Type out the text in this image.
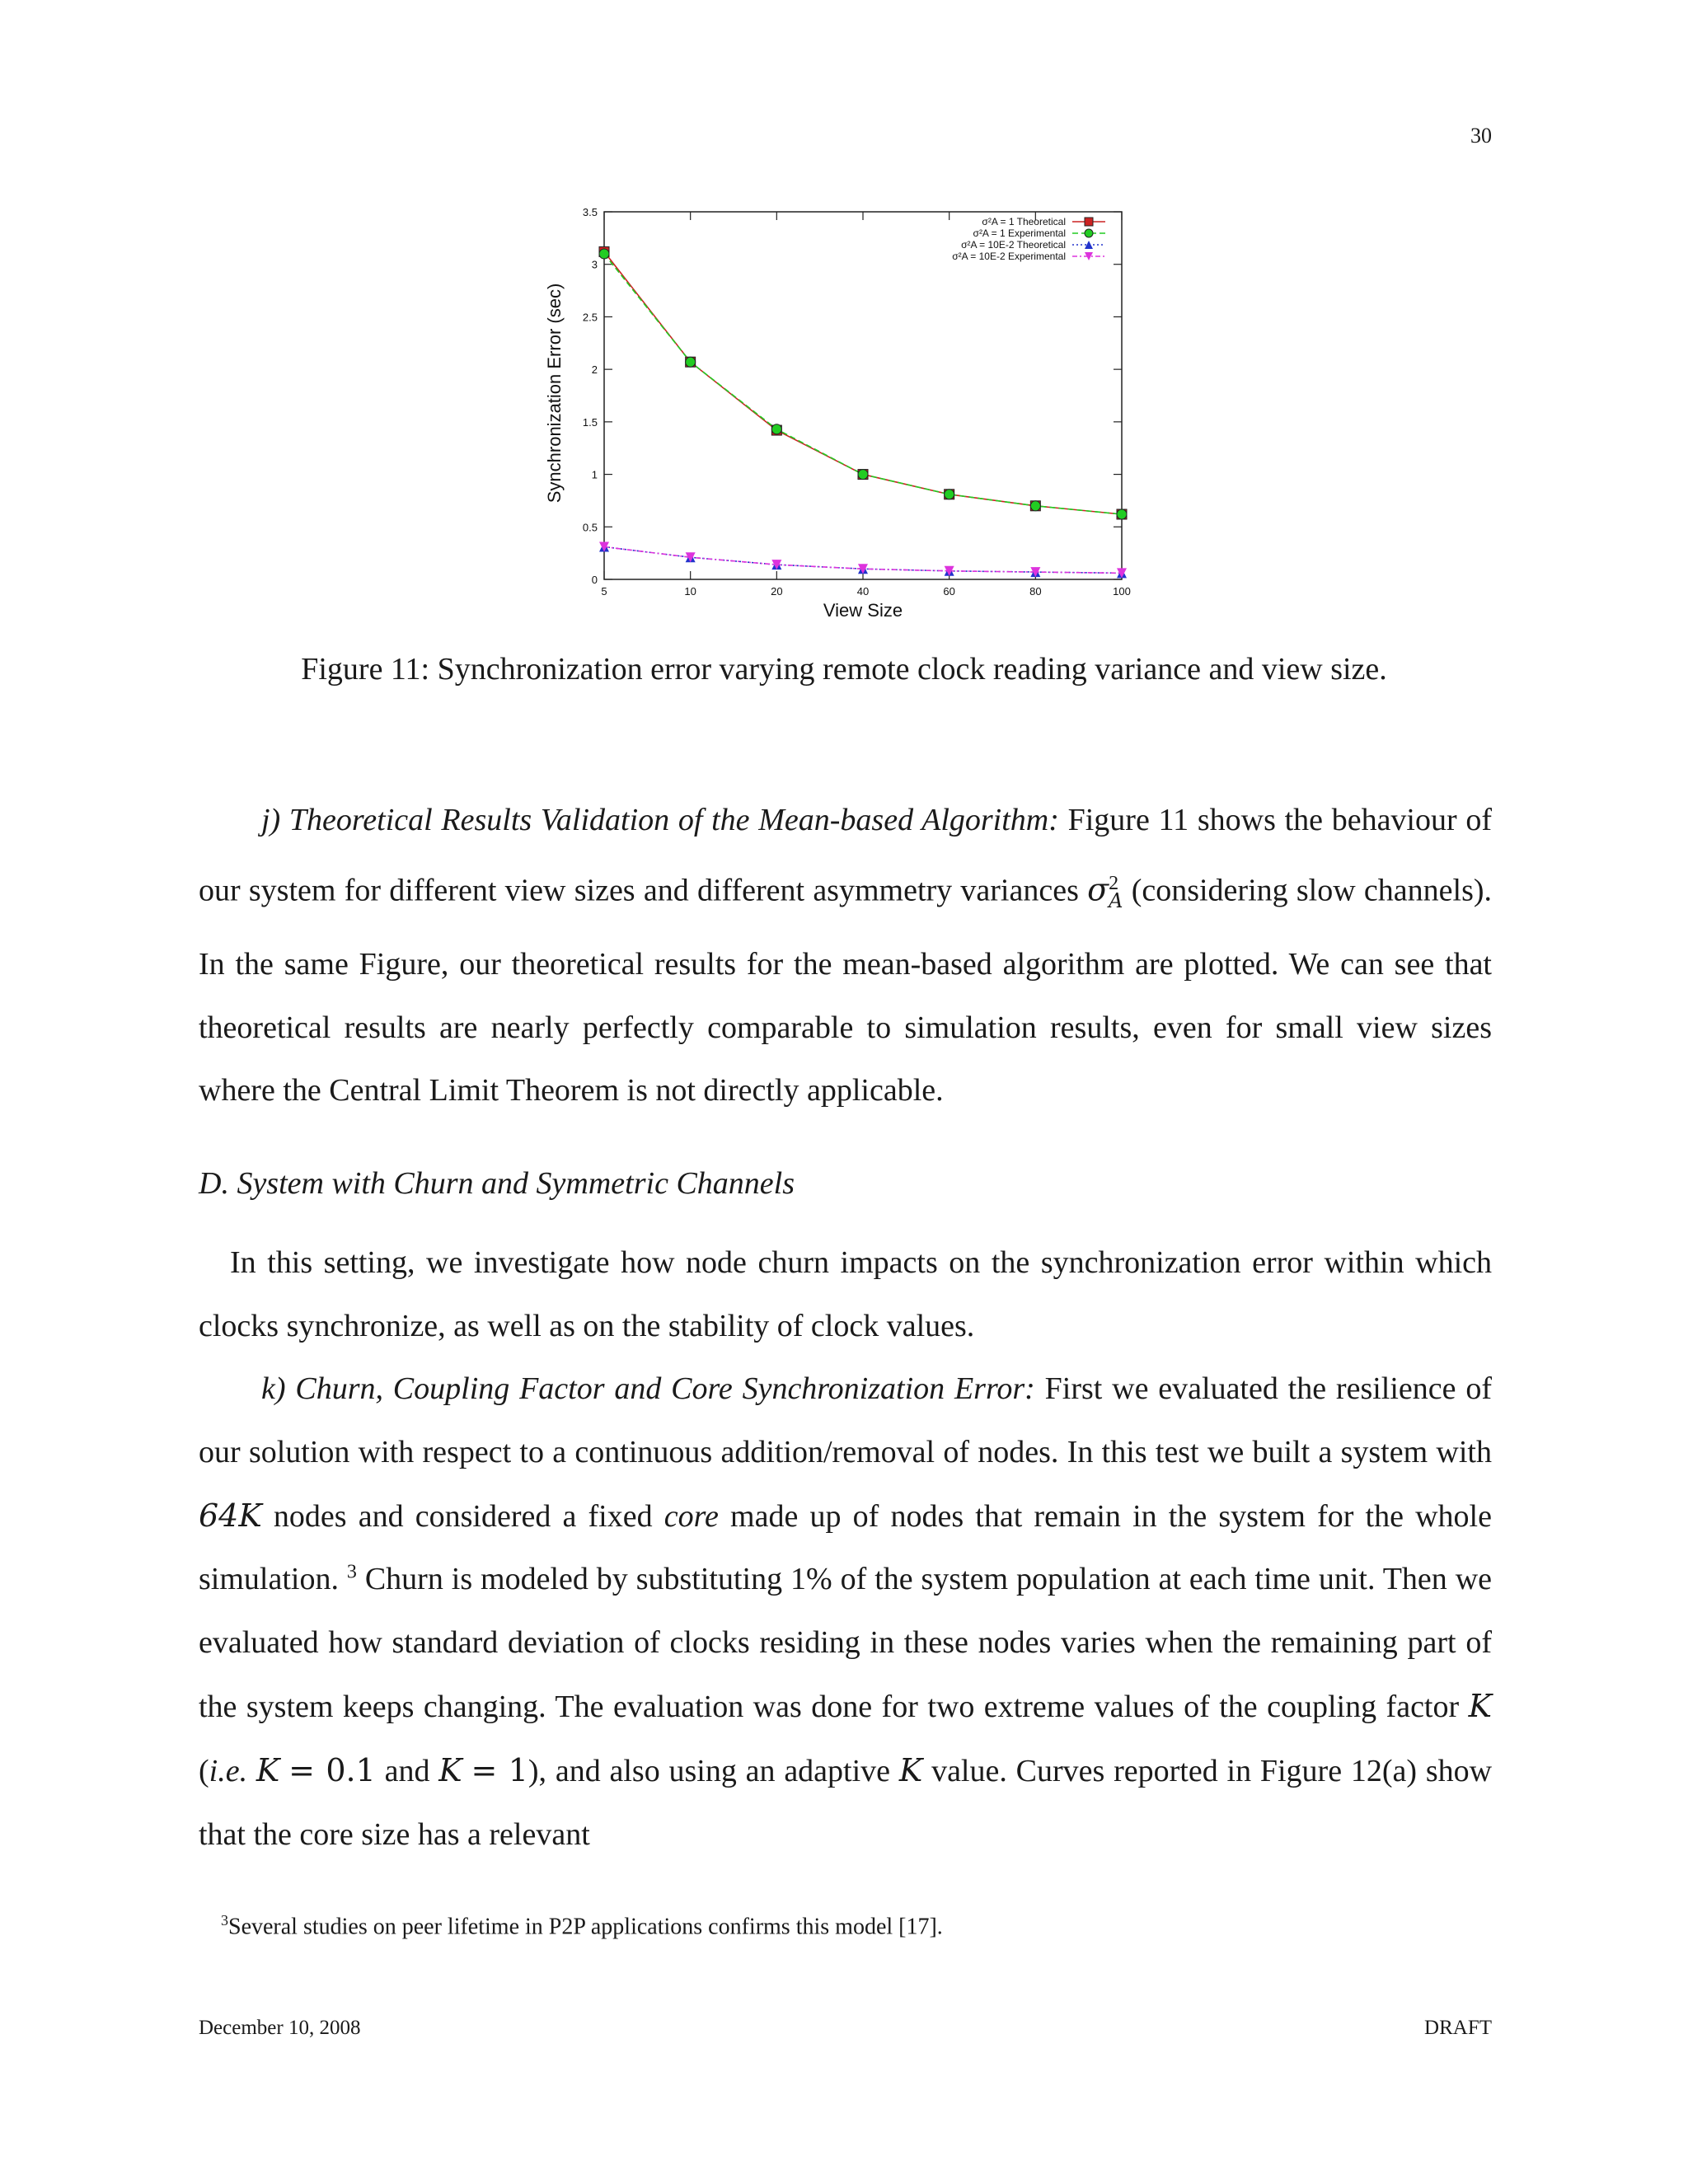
30
0
0.5
1
1.5
2
2.5
3
3.5
5	10	20	40	60	80	100
σ²A = 1 Theoretical
σ²A = 1 Experimental
σ²A = 10E-2 Theoretical
σ²A = 10E-2 Experimental
View Size
Synchronization Error (sec)
Figure 11: Synchronization error varying remote clock reading variance and view size.
j) Theoretical Results Validation of the Mean-based Algorithm: Figure 11 shows the behaviour of our system for different view sizes and different asymmetry variances $\sigma^2_A$ (considering slow channels). In the same Figure, our theoretical results for the mean-based algorithm are plotted. We can see that theoretical results are nearly perfectly comparable to simulation results, even for small view sizes where the Central Limit Theorem is not directly applicable.
D. System with Churn and Symmetric Channels
In this setting, we investigate how node churn impacts on the synchronization error within which clocks synchronize, as well as on the stability of clock values.
k) Churn, Coupling Factor and Core Synchronization Error: First we evaluated the resilience of our solution with respect to a continuous addition/removal of nodes. In this test we built a system with 64K nodes and considered a fixed core made up of nodes that remain in the system for the whole simulation. $^3$ Churn is modeled by substituting 1% of the system population at each time unit. Then we evaluated how standard deviation of clocks residing in these nodes varies when the remaining part of the system keeps changing. The evaluation was done for two extreme values of the coupling factor K (i.e. K = 0.1 and K = 1), and also using an adaptive K value. Curves reported in Figure 12(a) show that the core size has a relevant
$^3$Several studies on peer lifetime in P2P applications confirms this model [17].
December 10, 2008	DRAFT
